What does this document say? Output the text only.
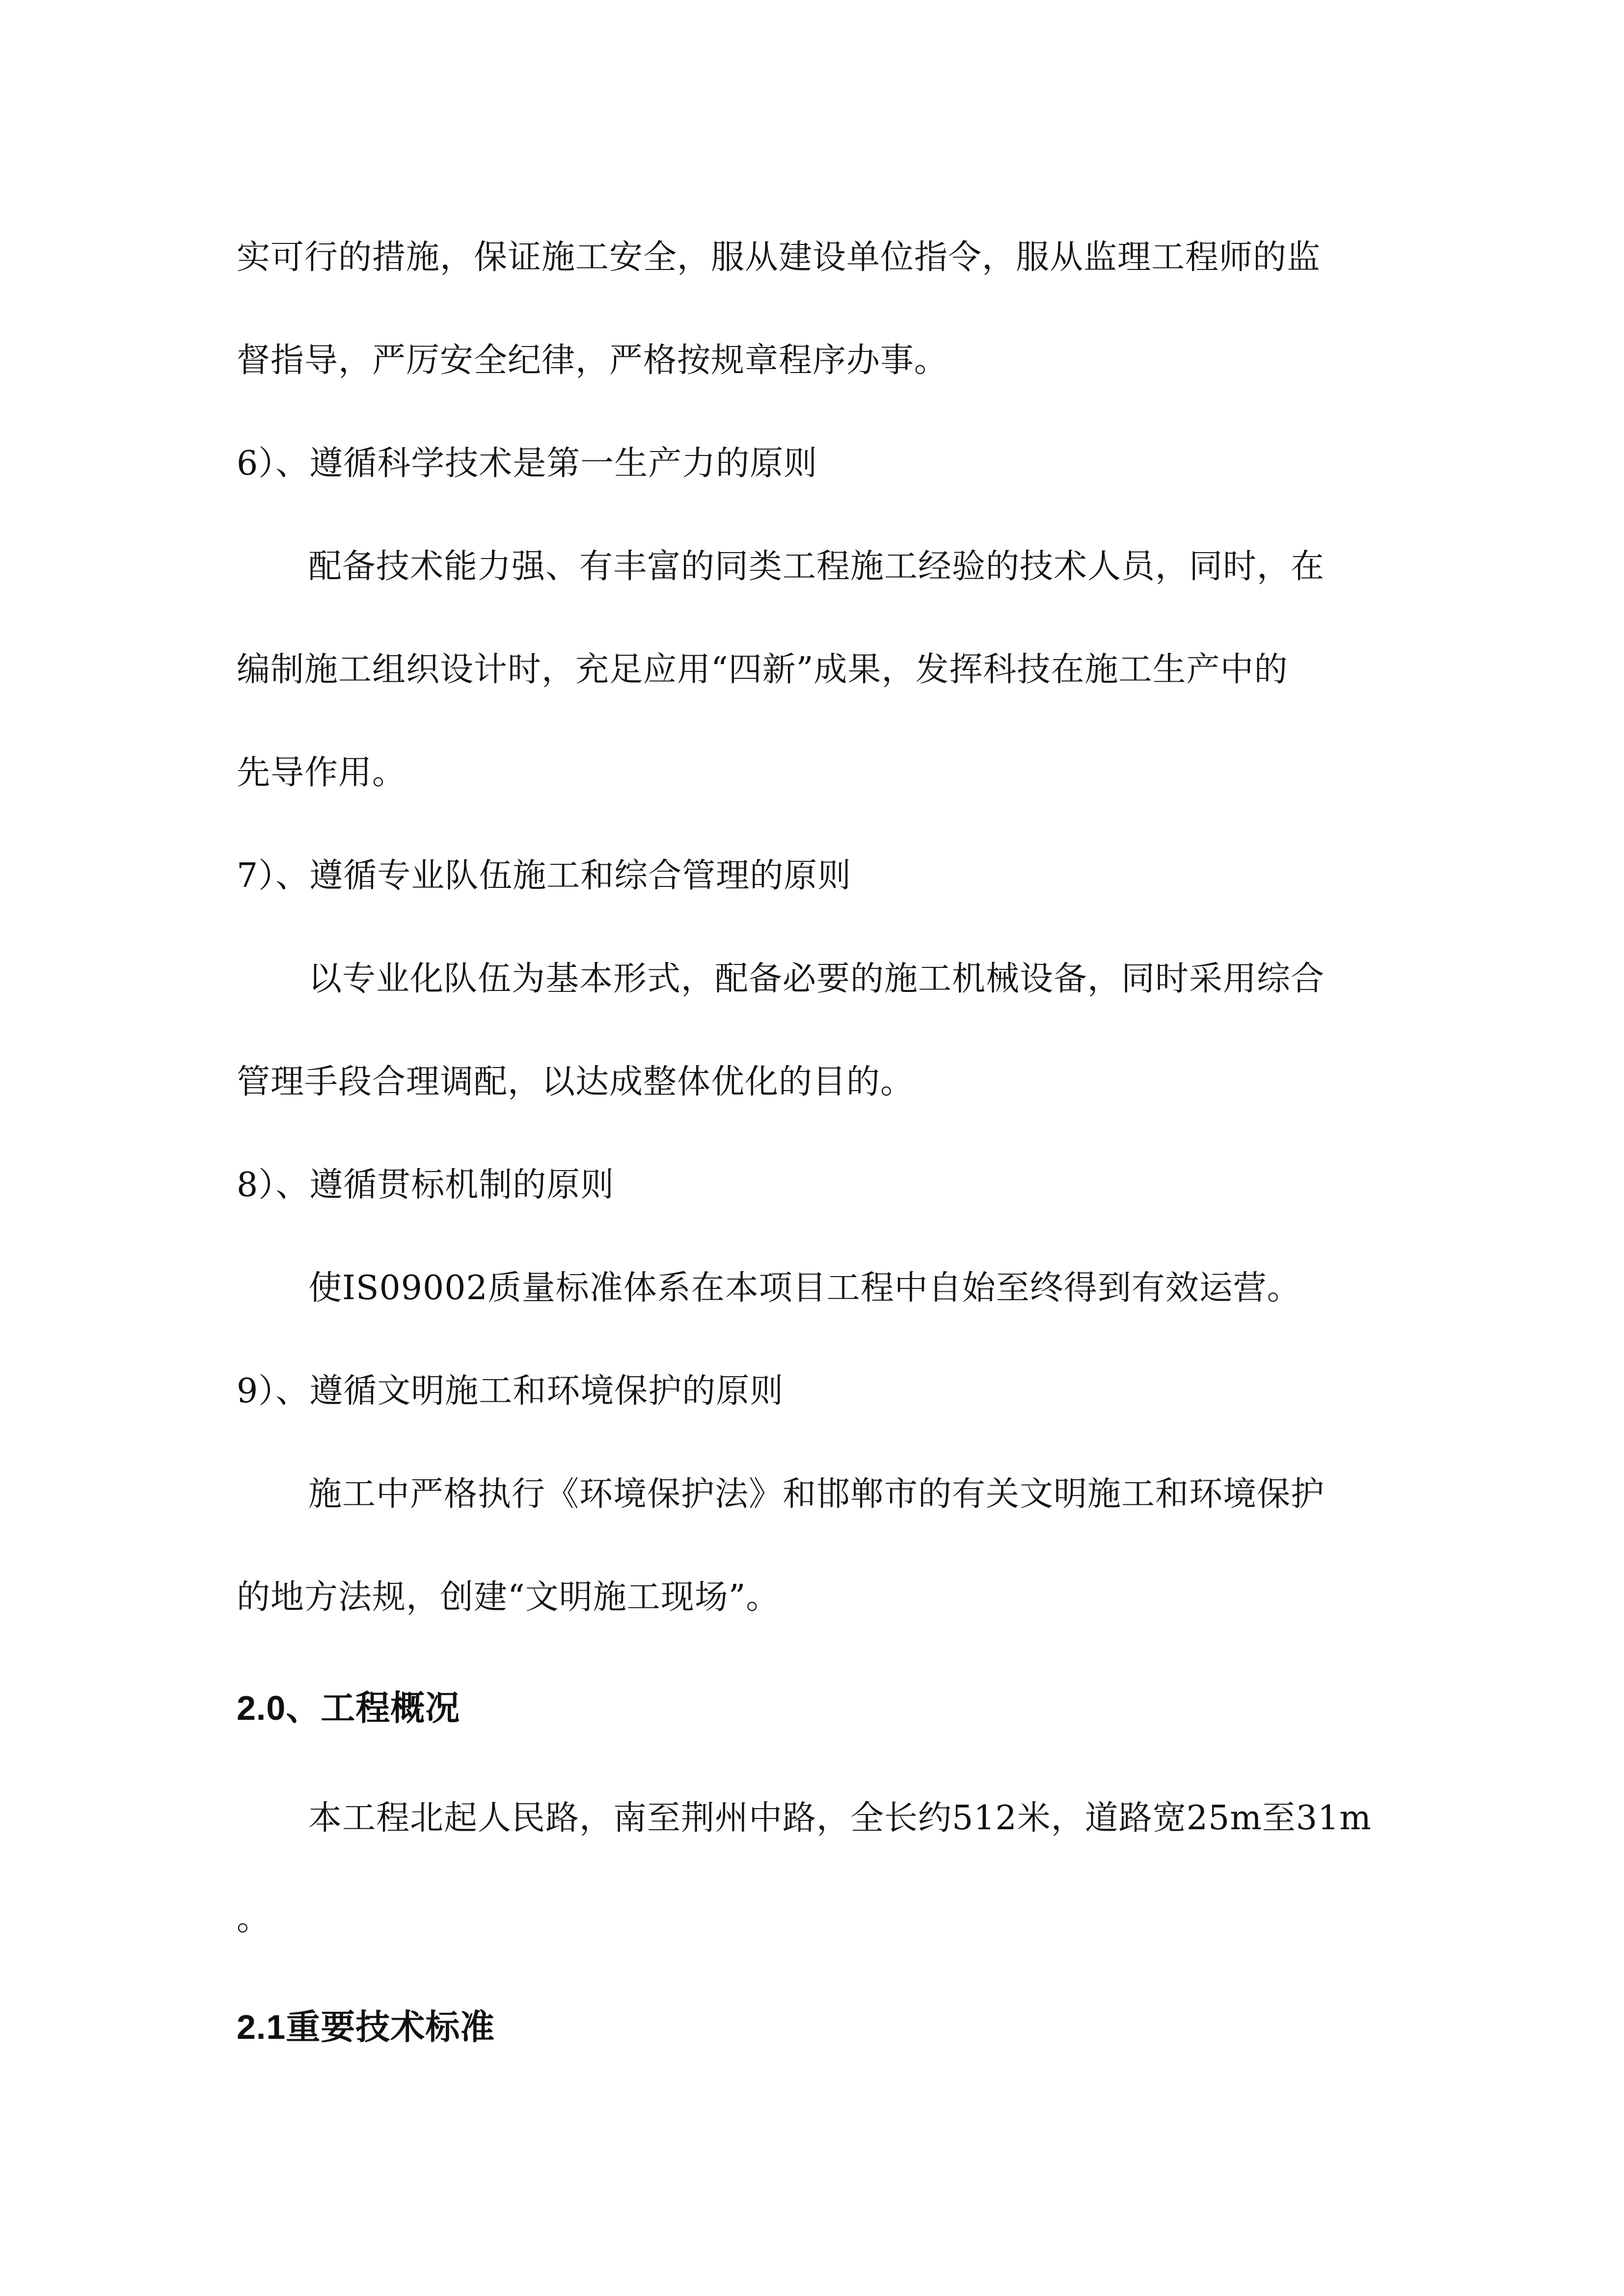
实可行的措施，保证施工安全，服从建设单位指令，服从监理工程师的监
督指导，严厉安全纪律，严格按规章程序办事。
6）、遵循科学技术是第一生产力的原则
配备技术能力强、有丰富的同类工程施工经验的技术人员，同时，在
编制施工组织设计时，充足应用“四新”成果，发挥科技在施工生产中的
先导作用。
7）、遵循专业队伍施工和综合管理的原则
以专业化队伍为基本形式，配备必要的施工机械设备，同时采用综合
管理手段合理调配，以达成整体优化的目的。
8）、遵循贯标机制的原则
使IS09002质量标准体系在本项目工程中自始至终得到有效运营。
9）、遵循文明施工和环境保护的原则
施工中严格执行《环境保护法》和邯郸市的有关文明施工和环境保护
的地方法规，创建“文明施工现场”。
2.0、工程概况
本工程北起人民路，南至荆州中路，全长约512米，道路宽25m至31m
。
2.1重要技术标准
